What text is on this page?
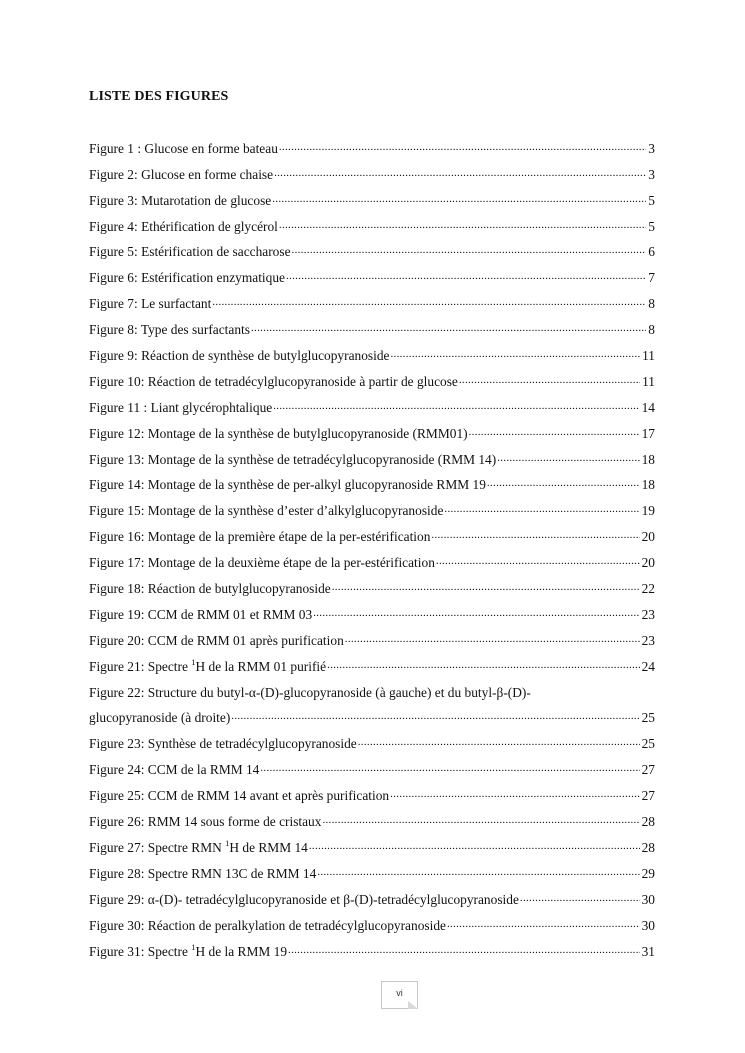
LISTE DES FIGURES
Figure 1 : Glucose en forme bateau .....	3
Figure 2: Glucose en forme chaise .....	3
Figure 3: Mutarotation de glucose .....	5
Figure 4: Ethérification de glycérol .....	5
Figure 5: Estérification de saccharose .....	6
Figure 6: Estérification enzymatique .....	7
Figure 7: Le surfactant .....	8
Figure 8: Type des surfactants .....	8
Figure 9: Réaction de synthèse de butylglucopyranoside .....	11
Figure 10: Réaction de tetradécylglucopyranoside à partir de glucose .....	11
Figure 11 : Liant glycérophtalique .....	14
Figure 12: Montage de la synthèse de butylglucopyranoside (RMM01) .....	17
Figure 13: Montage de la synthèse de tetradécylglucopyranoside (RMM 14) .....	18
Figure 14: Montage de la synthèse de per-alkyl glucopyranoside RMM 19 .....	18
Figure 15: Montage de la synthèse d’ester d’alkylglucopyranoside .....	19
Figure 16: Montage de la première étape de la per-estérification .....	20
Figure 17: Montage de la deuxième étape de la per-estérification .....	20
Figure 18: Réaction de butylglucopyranoside .....	22
Figure 19: CCM de RMM 01 et RMM 03 .....	23
Figure 20: CCM de RMM 01 après purification .....	23
Figure 21: Spectre $^1$H de la RMM 01 purifié .....	24
Figure 22: Structure du butyl-α-(D)-glucopyranoside (à gauche) et du butyl-β-(D)-
glucopyranoside (à droite) .....	25
Figure 23: Synthèse de tetradécylglucopyranoside .....	25
Figure 24: CCM de la RMM 14 .....	27
Figure 25: CCM de RMM 14 avant et après purification .....	27
Figure 26: RMM 14 sous forme de cristaux .....	28
Figure 27: Spectre RMN $^1$H de RMM 14 .....	28
Figure 28: Spectre RMN 13C de RMM 14 .....	29
Figure 29: α-(D)- tetradécylglucopyranoside et β-(D)-tetradécylglucopyranoside .....	30
Figure 30: Réaction de peralkylation de tetradécylglucopyranoside .....	30
Figure 31: Spectre $^1$H de la RMM 19 .....	31
vi
